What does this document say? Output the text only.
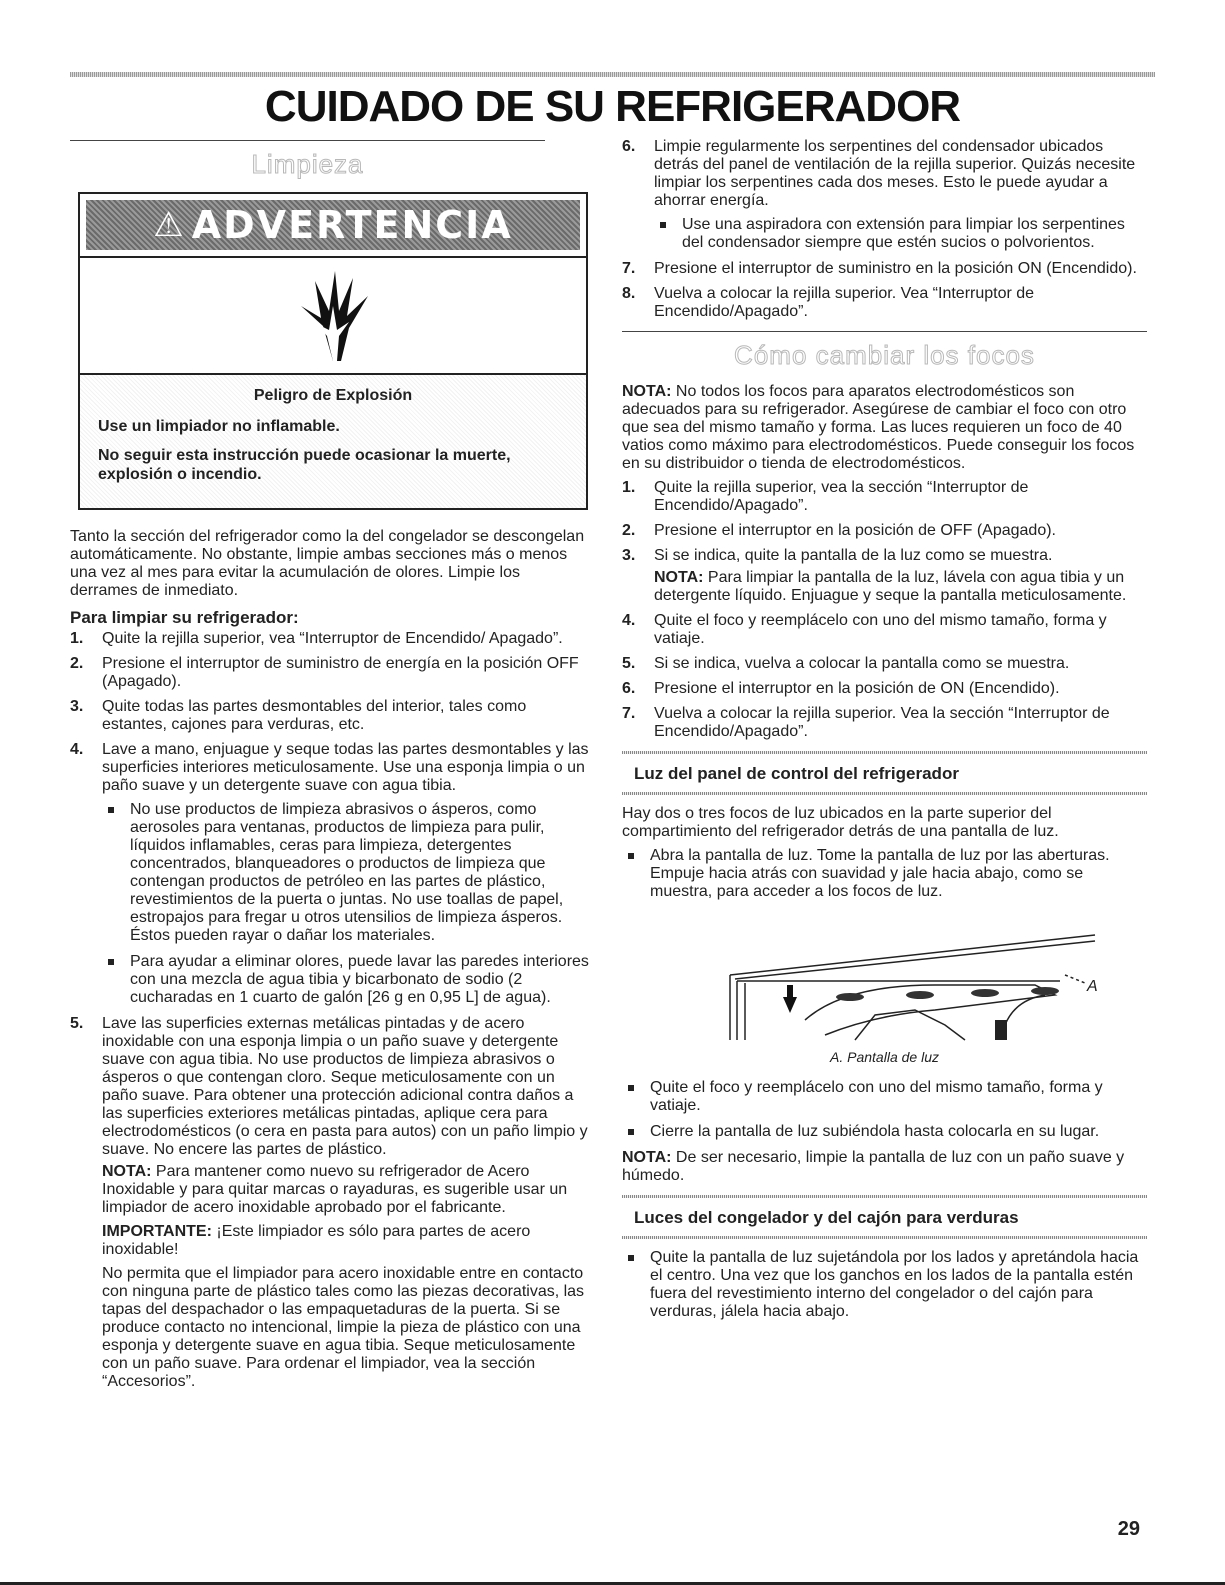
CUIDADO DE SU REFRIGERADOR
Limpieza
⚠ ADVERTENCIA
Peligro de Explosión

Use un limpiador no inflamable.

No seguir esta instrucción puede ocasionar la muerte, explosión o incendio.

Tanto la sección del refrigerador como la del congelador se descongelan automáticamente. No obstante, limpie ambas secciones más o menos una vez al mes para evitar la acumulación de olores. Limpie los derrames de inmediato.

Para limpiar su refrigerador:
1. Quite la rejilla superior, vea “Interruptor de Encendido/ Apagado”.
2. Presione el interruptor de suministro de energía en la posición OFF (Apagado).
3. Quite todas las partes desmontables del interior, tales como estantes, cajones para verduras, etc.
4. Lave a mano, enjuague y seque todas las partes desmontables y las superficies interiores meticulosamente. Use una esponja limpia o un paño suave y un detergente suave con agua tibia.
No use productos de limpieza abrasivos o ásperos, como aerosoles para ventanas, productos de limpieza para pulir, líquidos inflamables, ceras para limpieza, detergentes concentrados, blanqueadores o productos de limpieza que contengan productos de petróleo en las partes de plástico, revestimientos de la puerta o juntas. No use toallas de papel, estropajos para fregar u otros utensilios de limpieza ásperos. Éstos pueden rayar o dañar los materiales.
Para ayudar a eliminar olores, puede lavar las paredes interiores con una mezcla de agua tibia y bicarbonato de sodio (2 cucharadas en 1 cuarto de galón [26 g en 0,95 L] de agua).
5. Lave las superficies externas metálicas pintadas y de acero inoxidable con una esponja limpia o un paño suave y detergente suave con agua tibia. No use productos de limpieza abrasivos o ásperos o que contengan cloro. Seque meticulosamente con un paño suave. Para obtener una protección adicional contra daños a las superficies exteriores metálicas pintadas, aplique cera para electrodomésticos (o cera en pasta para autos) con un paño limpio y suave. No encere las partes de plástico.

NOTA: Para mantener como nuevo su refrigerador de Acero Inoxidable y para quitar marcas o rayaduras, es sugerible usar un limpiador de acero inoxidable aprobado por el fabricante.

IMPORTANTE: ¡Este limpiador es sólo para partes de acero inoxidable!

No permita que el limpiador para acero inoxidable entre en contacto con ninguna parte de plástico tales como las piezas decorativas, las tapas del despachador o las empaquetaduras de la puerta. Si se produce contacto no intencional, limpie la pieza de plástico con una esponja y detergente suave en agua tibia. Seque meticulosamente con un paño suave. Para ordenar el limpiador, vea la sección “Accesorios”.

6. Limpie regularmente los serpentines del condensador ubicados detrás del panel de ventilación de la rejilla superior. Quizás necesite limpiar los serpentines cada dos meses. Esto le puede ayudar a ahorrar energía.
Use una aspiradora con extensión para limpiar los serpentines del condensador siempre que estén sucios o polvorientos.
7. Presione el interruptor de suministro en la posición ON (Encendido).
8. Vuelva a colocar la rejilla superior. Vea “Interruptor de Encendido/Apagado”.
Cómo cambiar los focos

NOTA: No todos los focos para aparatos electrodomésticos son adecuados para su refrigerador. Asegúrese de cambiar el foco con otro que sea del mismo tamaño y forma. Las luces requieren un foco de 40 vatios como máximo para electrodomésticos. Puede conseguir los focos en su distribuidor o tienda de electrodomésticos.

1. Quite la rejilla superior, vea la sección “Interruptor de Encendido/Apagado”.
2. Presione el interruptor en la posición de OFF (Apagado).
3. Si se indica, quite la pantalla de la luz como se muestra.

NOTA: Para limpiar la pantalla de la luz, lávela con agua tibia y un detergente líquido. Enjuague y seque la pantalla meticulosamente.

4. Quite el foco y reemplácelo con uno del mismo tamaño, forma y vatiaje.
5. Si se indica, vuelva a colocar la pantalla como se muestra.
6. Presione el interruptor en la posición de ON (Encendido).
7. Vuelva a colocar la rejilla superior. Vea la sección “Interruptor de Encendido/Apagado”.
Luz del panel de control del refrigerador

Hay dos o tres focos de luz ubicados en la parte superior del compartimiento del refrigerador detrás de una pantalla de luz.

Abra la pantalla de luz. Tome la pantalla de luz por las aberturas. Empuje hacia atrás con suavidad y jale hacia abajo, como se muestra, para acceder a los focos de luz.
A
A. Pantalla de luz
Quite el foco y reemplácelo con uno del mismo tamaño, forma y vatiaje.
Cierre la pantalla de luz subiéndola hasta colocarla en su lugar.

NOTA: De ser necesario, limpie la pantalla de luz con un paño suave y húmedo.

Luces del congelador y del cajón para verduras
Quite la pantalla de luz sujetándola por los lados y apretándola hacia el centro. Una vez que los ganchos en los lados de la pantalla estén fuera del revestimiento interno del congelador o del cajón para verduras, jálela hacia abajo.
29
